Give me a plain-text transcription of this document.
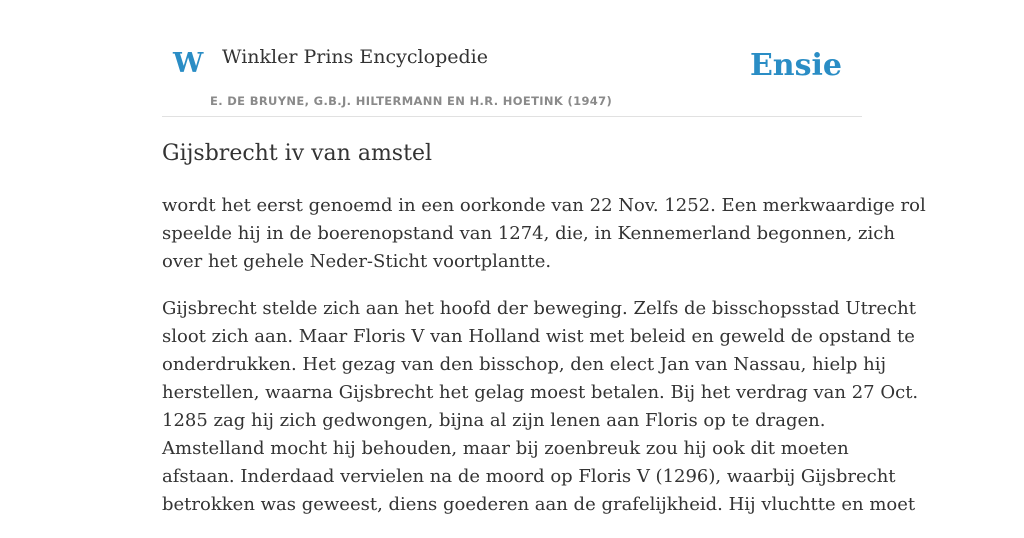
W Winkler Prins Encyclopedie
E. DE BRUYNE, G.B.J. HILTERMANN EN H.R. HOETINK (1947)
Ensie
Gijsbrecht iv van amstel

wordt het eerst genoemd in een oorkonde van 22 Nov. 1252. Een merkwaardige rol
speelde hij in de boerenopstand van 1274, die, in Kennemerland begonnen, zich
over het gehele Neder-Sticht voortplantte.

Gijsbrecht stelde zich aan het hoofd der beweging. Zelfs de bisschopsstad Utrecht
sloot zich aan. Maar Floris V van Holland wist met beleid en geweld de opstand te
onderdrukken. Het gezag van den bisschop, den elect Jan van Nassau, hielp hij
herstellen, waarna Gijsbrecht het gelag moest betalen. Bij het verdrag van 27 Oct.
1285 zag hij zich gedwongen, bijna al zijn lenen aan Floris op te dragen.
Amstelland mocht hij behouden, maar bij zoenbreuk zou hij ook dit moeten
afstaan. Inderdaad vervielen na de moord op Floris V (1296), waarbij Gijsbrecht
betrokken was geweest, diens goederen aan de grafelijkheid. Hij vluchtte en moet
